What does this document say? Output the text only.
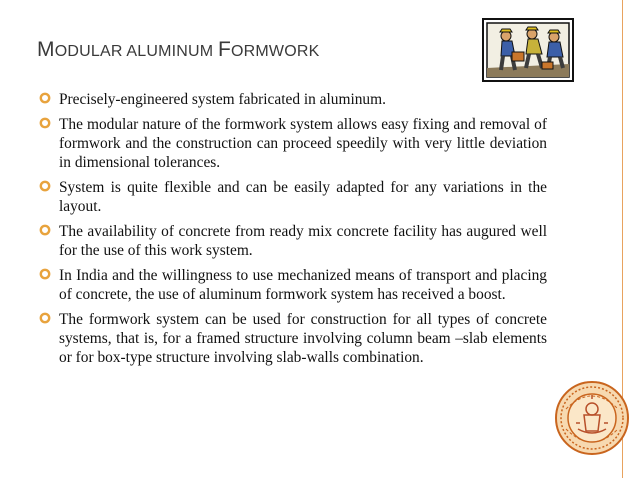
MODULAR ALUMINUM FORMWORK
Precisely-engineered system fabricated in aluminum.
The modular nature of the formwork system allows easy fixing and removal of formwork and the construction can proceed speedily with very little deviation in dimensional tolerances.
System is quite flexible and can be easily adapted for any variations in the layout.
The availability of concrete from ready mix concrete facility has augured well for the use of this work system.
In India and the willingness to use mechanized means of transport and placing of concrete, the use of aluminum formwork system has received a boost.
The formwork system can be used for construction for all types of concrete systems, that is, for a framed structure involving column beam –slab elements or for box-type structure involving slab-walls combination.
